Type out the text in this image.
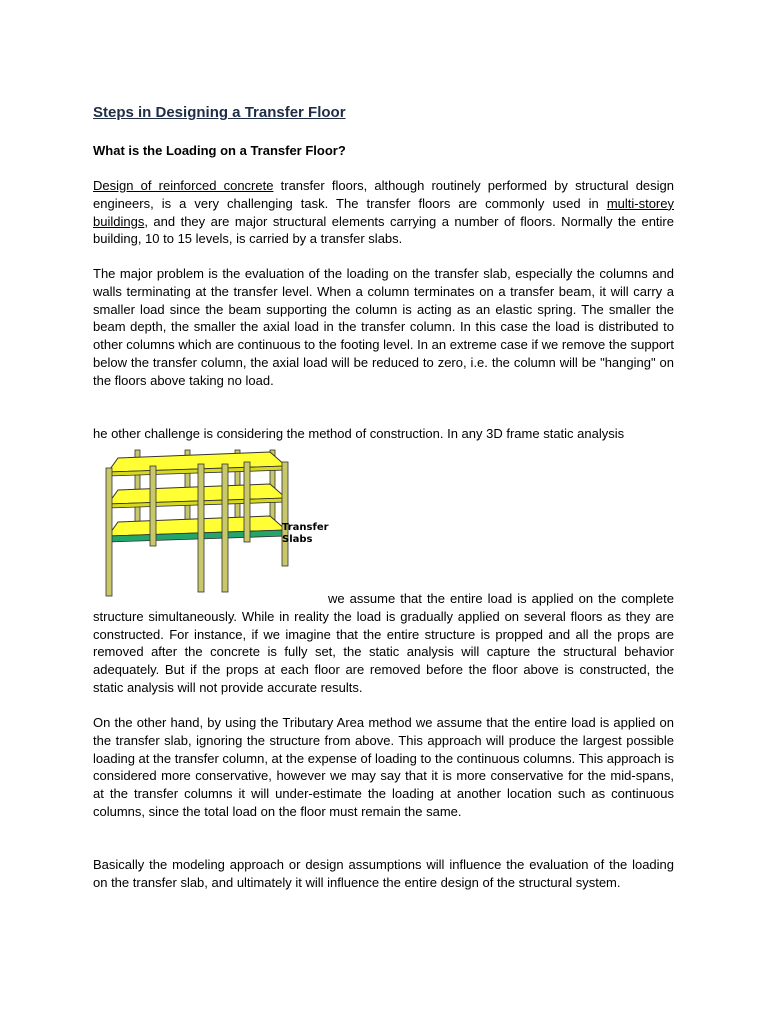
Steps in Designing a Transfer Floor
What is the Loading on a Transfer Floor?

Design of reinforced concrete transfer floors, although routinely performed by structural design engineers, is a very challenging task. The transfer floors are commonly used in multi-storey buildings, and they are major structural elements carrying a number of floors. Normally the entire building, 10 to 15 levels, is carried by a transfer slabs.

The major problem is the evaluation of the loading on the transfer slab, especially the columns and walls terminating at the transfer level. When a column terminates on a transfer beam, it will carry a smaller load since the beam supporting the column is acting as an elastic spring. The smaller the beam depth, the smaller the axial load in the transfer column. In this case the load is distributed to other columns which are continuous to the footing level. In an extreme case if we remove the support below the transfer column, the axial load will be reduced to zero, i.e. the column will be "hanging" on the floors above taking no load.

he other challenge is considering the method of construction. In any 3D frame static analysis

Transfer
Slabs

we assume that the entire load is applied on the complete structure simultaneously. While in reality the load is gradually applied on several floors as they are constructed. For instance, if we imagine that the entire structure is propped and all the props are removed after the concrete is fully set, the static analysis will capture the structural behavior adequately. But if the props at each floor are removed before the floor above is constructed, the static analysis will not provide accurate results.

On the other hand, by using the Tributary Area method we assume that the entire load is applied on the transfer slab, ignoring the structure from above. This approach will produce the largest possible loading at the transfer column, at the expense of loading to the continuous columns. This approach is considered more conservative, however we may say that it is more conservative for the mid-spans, at the transfer columns it will under-estimate the loading at another location such as continuous columns, since the total load on the floor must remain the same.

Basically the modeling approach or design assumptions will influence the evaluation of the loading on the transfer slab, and ultimately it will influence the entire design of the structural system.
